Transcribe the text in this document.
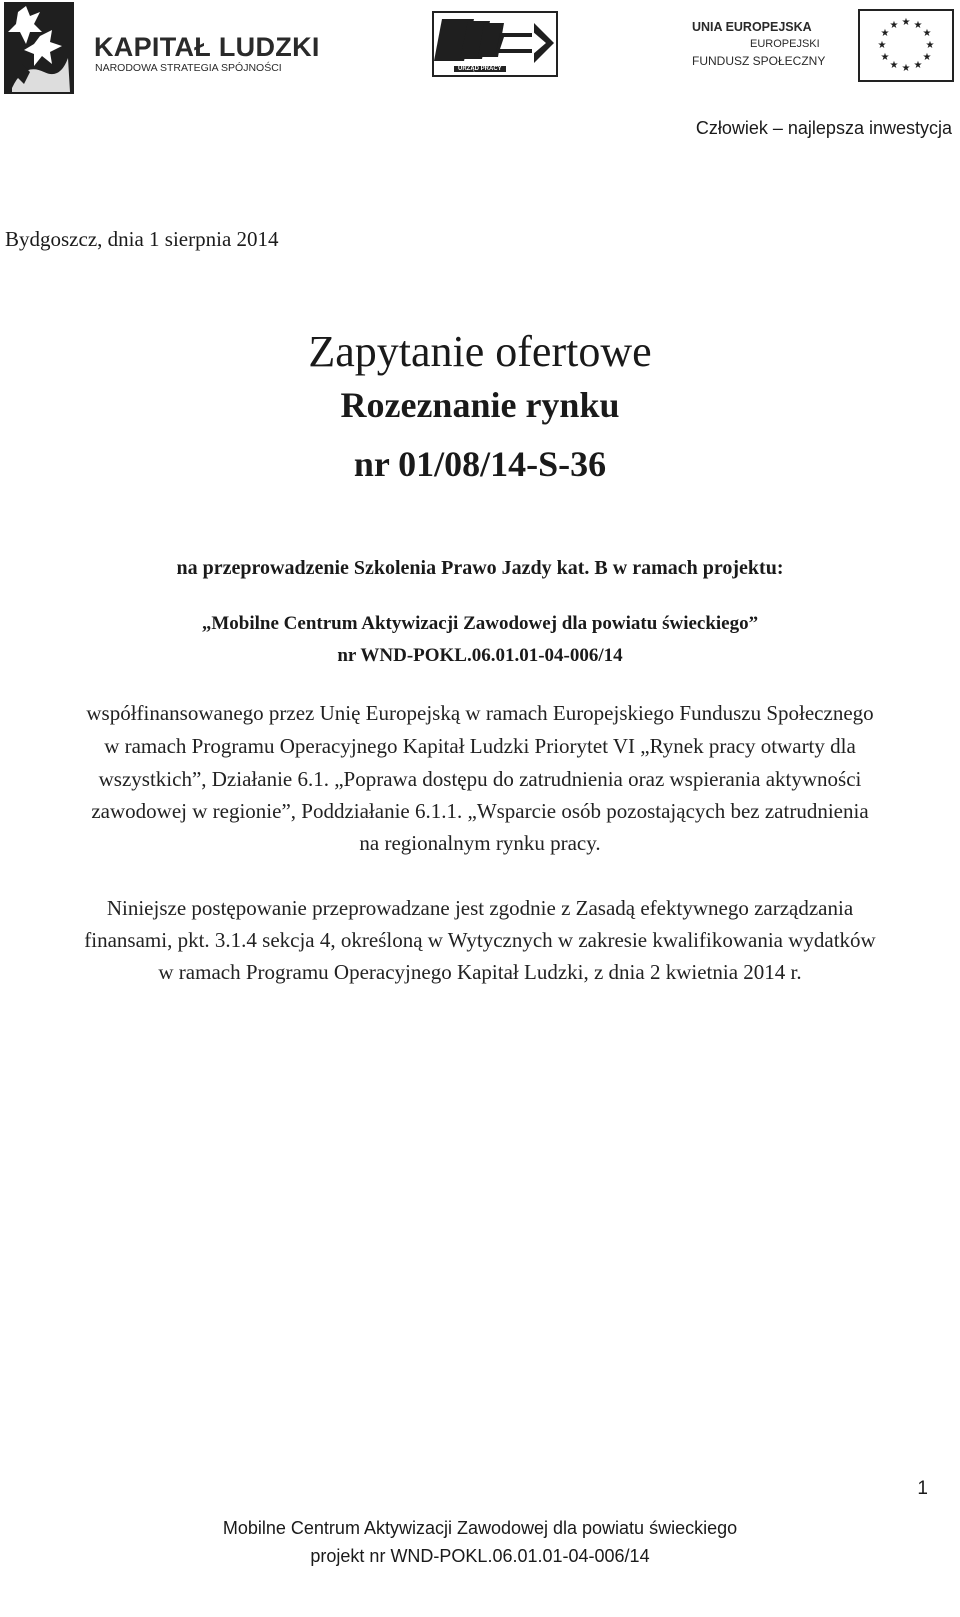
KAPITAŁ LUDZKI
NARODOWA STRATEGIA SPÓJNOŚCI	URZĄD PRACY
UNIA EUROPEJSKA
EUROPEJSKI
FUNDUSZ SPOŁECZNY
★ ★
★
★
★
★
★
★
★
★
★
★
Człowiek – najlepsza inwestycja
Bydgoszcz, dnia 1 sierpnia 2014
Zapytanie ofertowe
Rozeznanie rynku
nr 01/08/14-S-36
na przeprowadzenie Szkolenia Prawo Jazdy kat. B w ramach projektu:
„Mobilne Centrum Aktywizacji Zawodowej dla powiatu świeckiego”
nr WND-POKL.06.01.01-04-006/14
współfinansowanego przez Unię Europejską w ramach Europejskiego Funduszu Społecznego
w ramach Programu Operacyjnego Kapitał Ludzki Priorytet VI „Rynek pracy otwarty dla
wszystkich”, Działanie 6.1. „Poprawa dostępu do zatrudnienia oraz wspierania aktywności
zawodowej w regionie”, Poddziałanie 6.1.1. „Wsparcie osób pozostających bez zatrudnienia
na regionalnym rynku pracy.
Niniejsze postępowanie przeprowadzane jest zgodnie z Zasadą efektywnego zarządzania
finansami, pkt. 3.1.4 sekcja 4, określoną w Wytycznych w zakresie kwalifikowania wydatków
w ramach Programu Operacyjnego Kapitał Ludzki, z dnia 2 kwietnia 2014 r.
1
Mobilne Centrum Aktywizacji Zawodowej dla powiatu świeckiego
projekt nr WND-POKL.06.01.01-04-006/14
